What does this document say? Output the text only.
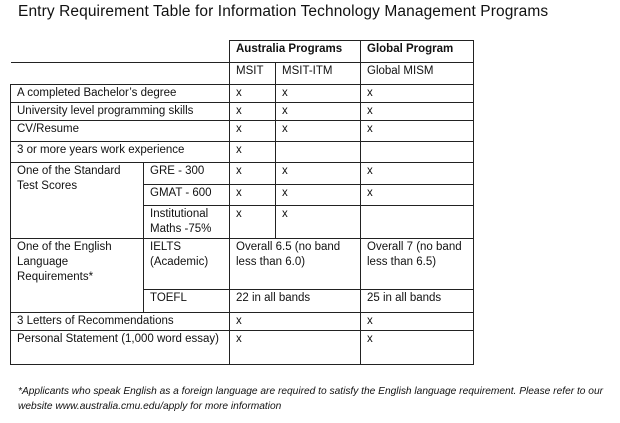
Entry Requirement Table for Information Technology Management Programs
		Australia Programs		Global Program
		MSIT	MSIT-ITM	Global MISM
A completed Bachelor’s degree		x	x	x
University level programming skills		x	x	x
CV/Resume		x	x	x
3 or more years work experience		x		
One of the Standard Test Scores	GRE - 300	x	x	x
	GMAT - 600	x	x	x
	Institutional Maths -75%	x	x	
One of the English Language Requirements*	IELTS (Academic)	Overall 6.5 (no band less than 6.0)		Overall 7 (no band less than 6.5)
	TOEFL	22 in all bands		25 in all bands
3 Letters of Recommendations		x		x
Personal Statement (1,000 word essay)		x		x
*Applicants who speak English as a foreign language are required to satisfy the English language requirement. Please refer to our website www.australia.cmu.edu/apply for more information
